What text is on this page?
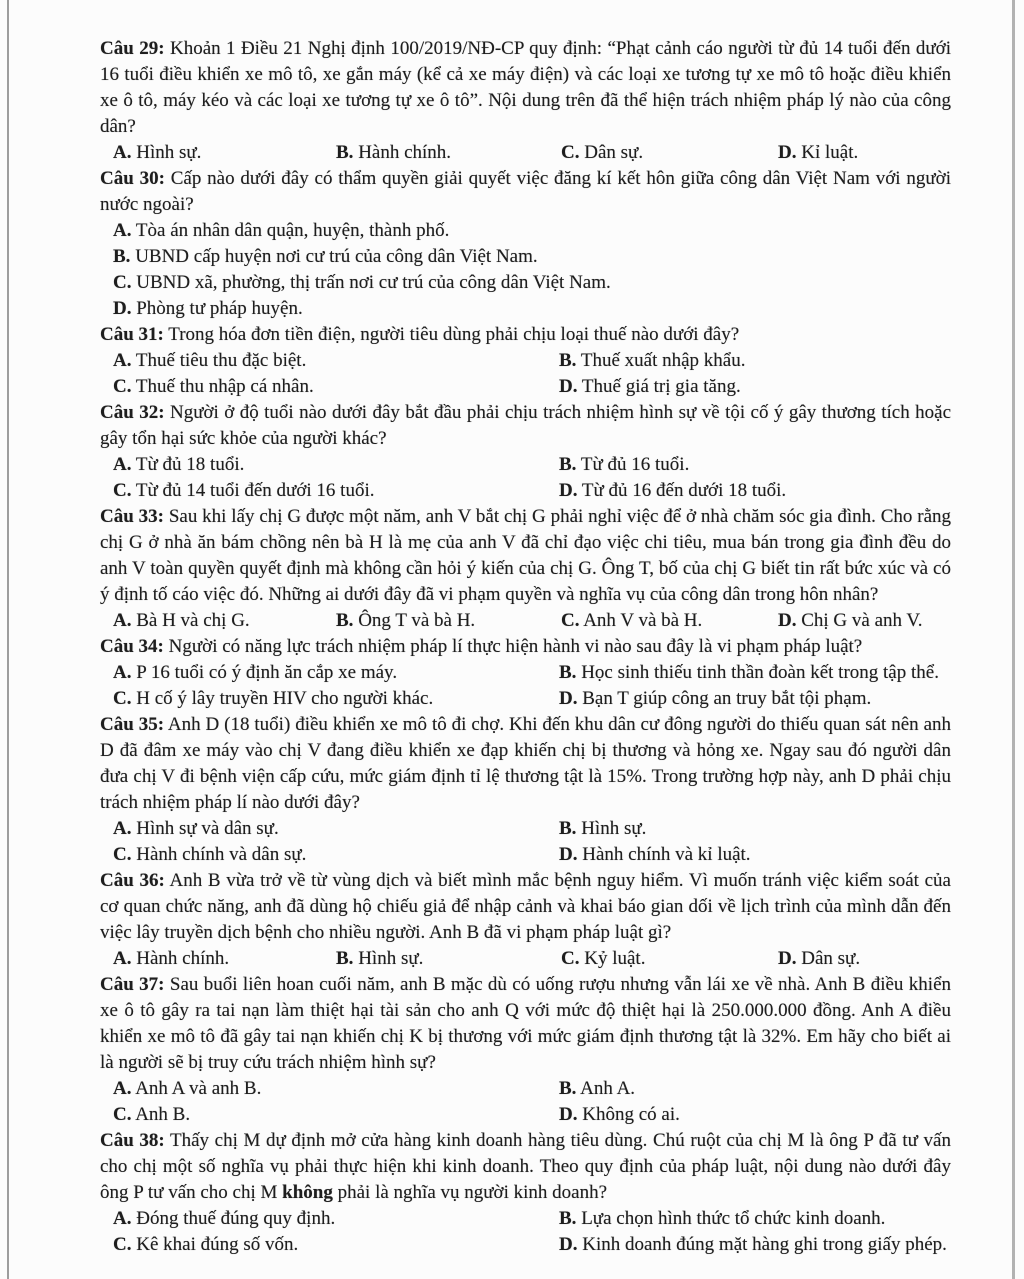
Câu 29: Khoản 1 Điều 21 Nghị định 100/2019/NĐ-CP quy định: “Phạt cảnh cáo người từ đủ 14 tuổi đến dưới 16 tuổi điều khiển xe mô tô, xe gắn máy (kể cả xe máy điện) và các loại xe tương tự xe mô tô hoặc điều khiển xe ô tô, máy kéo và các loại xe tương tự xe ô tô”. Nội dung trên đã thể hiện trách nhiệm pháp lý nào của công dân?

A. Hình sự.	B. Hành chính.	C. Dân sự.	D. Kỉ luật.

Câu 30: Cấp nào dưới đây có thẩm quyền giải quyết việc đăng kí kết hôn giữa công dân Việt Nam với người nước ngoài?

A. Tòa án nhân dân quận, huyện, thành phố.
B. UBND cấp huyện nơi cư trú của công dân Việt Nam.
C. UBND xã, phường, thị trấn nơi cư trú của công dân Việt Nam.
D. Phòng tư pháp huyện.

Câu 31: Trong hóa đơn tiền điện, người tiêu dùng phải chịu loại thuế nào dưới đây?

A. Thuế tiêu thu đặc biệt.	B. Thuế xuất nhập khẩu.
C. Thuế thu nhập cá nhân.	D. Thuế giá trị gia tăng.

Câu 32: Người ở độ tuổi nào dưới đây bắt đầu phải chịu trách nhiệm hình sự về tội cố ý gây thương tích hoặc gây tổn hại sức khỏe của người khác?

A. Từ đủ 18 tuổi.	B. Từ đủ 16 tuổi.
C. Từ đủ 14 tuổi đến dưới 16 tuổi.	D. Từ đủ 16 đến dưới 18 tuổi.

Câu 33: Sau khi lấy chị G được một năm, anh V bắt chị G phải nghỉ việc để ở nhà chăm sóc gia đình. Cho rằng chị G ở nhà ăn bám chồng nên bà H là mẹ của anh V đã chỉ đạo việc chi tiêu, mua bán trong gia đình đều do anh V toàn quyền quyết định mà không cần hỏi ý kiến của chị G. Ông T, bố của chị G biết tin rất bức xúc và có ý định tố cáo việc đó. Những ai dưới đây đã vi phạm quyền và nghĩa vụ của công dân trong hôn nhân?

A. Bà H và chị G.	B. Ông T và bà H.	C. Anh V và bà H.	D. Chị G và anh V.

Câu 34: Người có năng lực trách nhiệm pháp lí thực hiện hành vi nào sau đây là vi phạm pháp luật?

A. P 16 tuổi có ý định ăn cắp xe máy.	B. Học sinh thiếu tinh thần đoàn kết trong tập thể.
C. H cố ý lây truyền HIV cho người khác.	D. Bạn T giúp công an truy bắt tội phạm.

Câu 35: Anh D (18 tuổi) điều khiển xe mô tô đi chợ. Khi đến khu dân cư đông người do thiếu quan sát nên anh D đã đâm xe máy vào chị V đang điều khiển xe đạp khiến chị bị thương và hỏng xe. Ngay sau đó người dân đưa chị V đi bệnh viện cấp cứu, mức giám định tỉ lệ thương tật là 15%. Trong trường hợp này, anh D phải chịu trách nhiệm pháp lí nào dưới đây?

A. Hình sự và dân sự.	B. Hình sự.
C. Hành chính và dân sự.	D. Hành chính và kỉ luật.

Câu 36: Anh B vừa trở về từ vùng dịch và biết mình mắc bệnh nguy hiểm. Vì muốn tránh việc kiểm soát của cơ quan chức năng, anh đã dùng hộ chiếu giả để nhập cảnh và khai báo gian dối về lịch trình của mình dẫn đến việc lây truyền dịch bệnh cho nhiều người. Anh B đã vi phạm pháp luật gì?

A. Hành chính.	B. Hình sự.	C. Kỷ luật.	D. Dân sự.

Câu 37: Sau buổi liên hoan cuối năm, anh B mặc dù có uống rượu nhưng vẫn lái xe về nhà. Anh B điều khiển xe ô tô gây ra tai nạn làm thiệt hại tài sản cho anh Q với mức độ thiệt hại là 250.000.000 đồng. Anh A điều khiển xe mô tô đã gây tai nạn khiến chị K bị thương với mức giám định thương tật là 32%. Em hãy cho biết ai là người sẽ bị truy cứu trách nhiệm hình sự?

A. Anh A và anh B.	B. Anh A.
C. Anh B.	D. Không có ai.

Câu 38: Thấy chị M dự định mở cửa hàng kinh doanh hàng tiêu dùng. Chú ruột của chị M là ông P đã tư vấn cho chị một số nghĩa vụ phải thực hiện khi kinh doanh. Theo quy định của pháp luật, nội dung nào dưới đây ông P tư vấn cho chị M không phải là nghĩa vụ người kinh doanh?

A. Đóng thuế đúng quy định.	B. Lựa chọn hình thức tổ chức kinh doanh.
C. Kê khai đúng số vốn.	D. Kinh doanh đúng mặt hàng ghi trong giấy phép.
